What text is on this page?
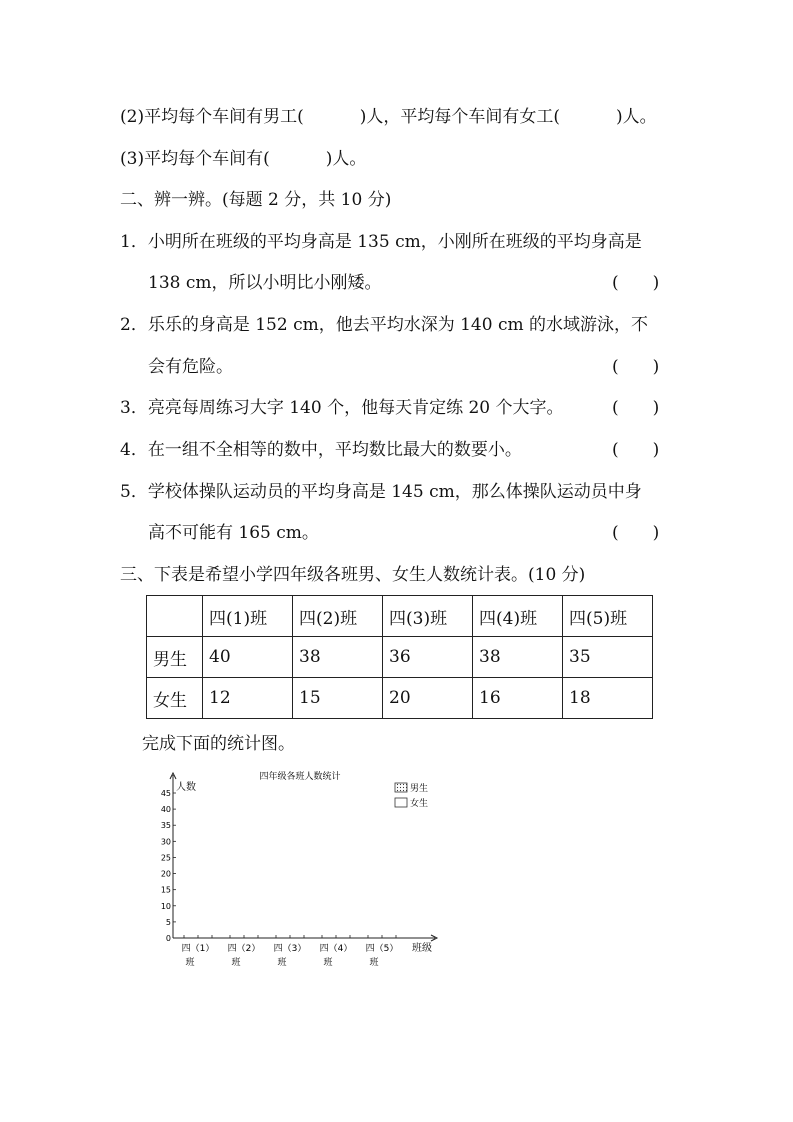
(2)平均每个车间有男工(	)人，平均每个车间有女工(	)人。
(3)平均每个车间有(	)人。
二、辨一辨。(每题 2 分，共 10 分)
1．小明所在班级的平均身高是 135 cm，小刚所在班级的平均身高是
138 cm，所以小明比小刚矮。	(　　)
2．乐乐的身高是 152 cm，他去平均水深为 140 cm 的水域游泳，不
会有危险。	(　　)
3．亮亮每周练习大字 140 个，他每天肯定练 20 个大字。	(　　)
4．在一组不全相等的数中，平均数比最大的数要小。	(　　)
5．学校体操队运动员的平均身高是 145 cm，那么体操队运动员中身
高不可能有 165 cm。	(　　)
三、下表是希望小学四年级各班男、女生人数统计表。(10 分)
	四(1)班	四(2)班	四(3)班	四(4)班	四(5)班
男生	40	38	36	38	35
女生	12	15	20	16	18
完成下面的统计图。
人数
四年级各班人数统计
男生
女生
0
5
10
15
20
25
30
35
40
45
四（1）
班
四（2）
班
四（3）
班
四（4）
班
四（5）
班
班级
